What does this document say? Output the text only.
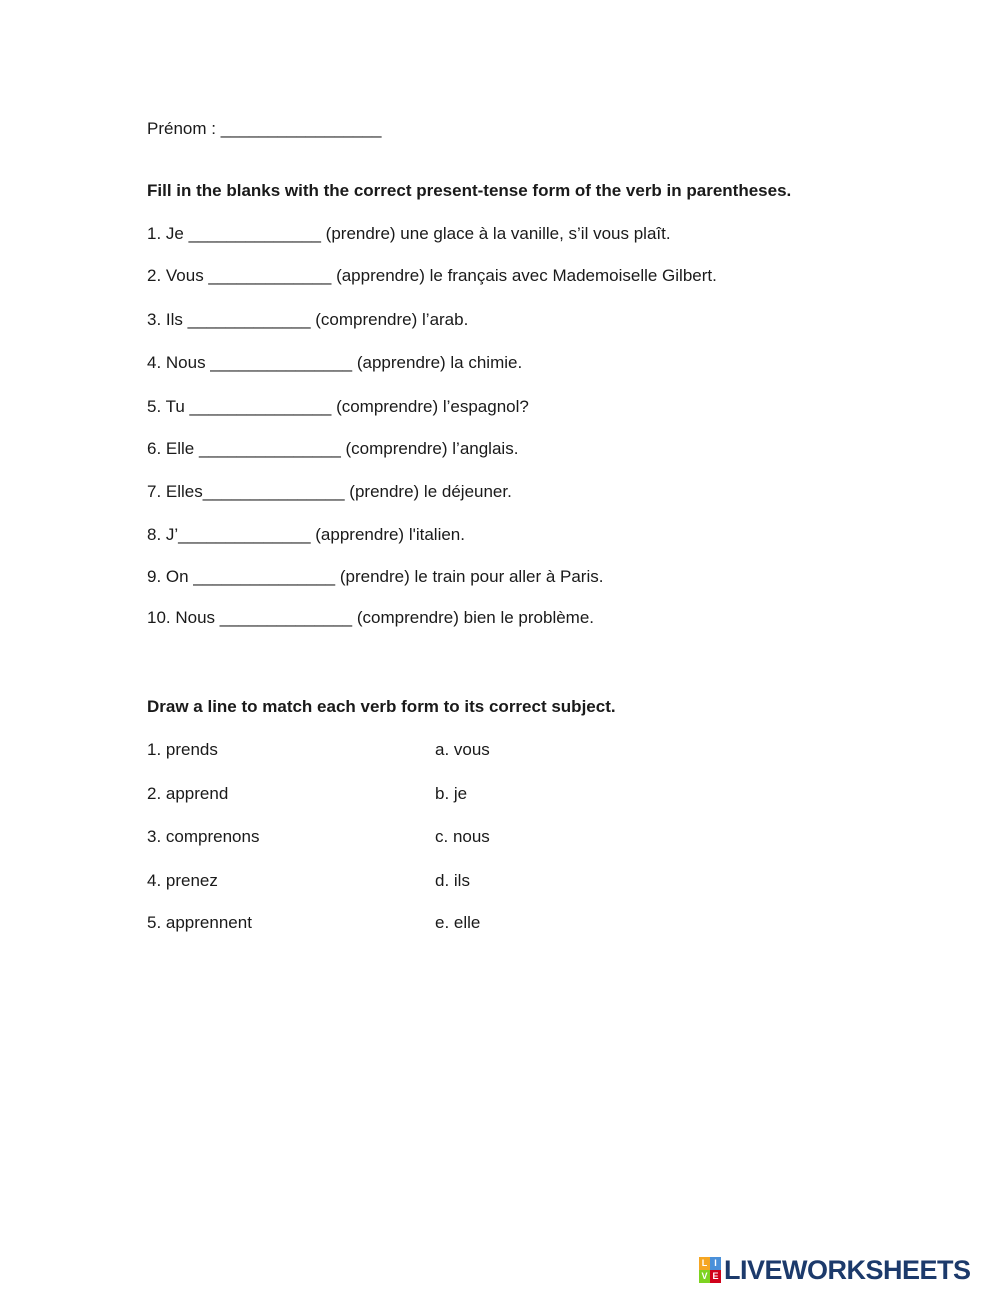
Prénom : _________________
Fill in the blanks with the correct present-tense form of the verb in parentheses.
1. Je ______________ (prendre) une glace à la vanille, s’il vous plaît.
2. Vous _____________ (apprendre) le français avec Mademoiselle Gilbert.
3. Ils _____________ (comprendre) l’arab.
4. Nous _______________ (apprendre) la chimie.
5. Tu _______________ (comprendre) l’espagnol?
6. Elle _______________ (comprendre) l’anglais.
7. Elles_______________ (prendre) le déjeuner.
8. J’______________ (apprendre) l'italien.
9. On _______________ (prendre) le train pour aller à Paris.
10. Nous ______________ (comprendre) bien le problème.
Draw a line to match each verb form to its correct subject.
1. prends	a. vous
2. apprend	b. je
3. comprenons	c. nous
4. prenez	d. ils
5. apprennent	e. elle
L I
V E LIVEWORKSHEETS
